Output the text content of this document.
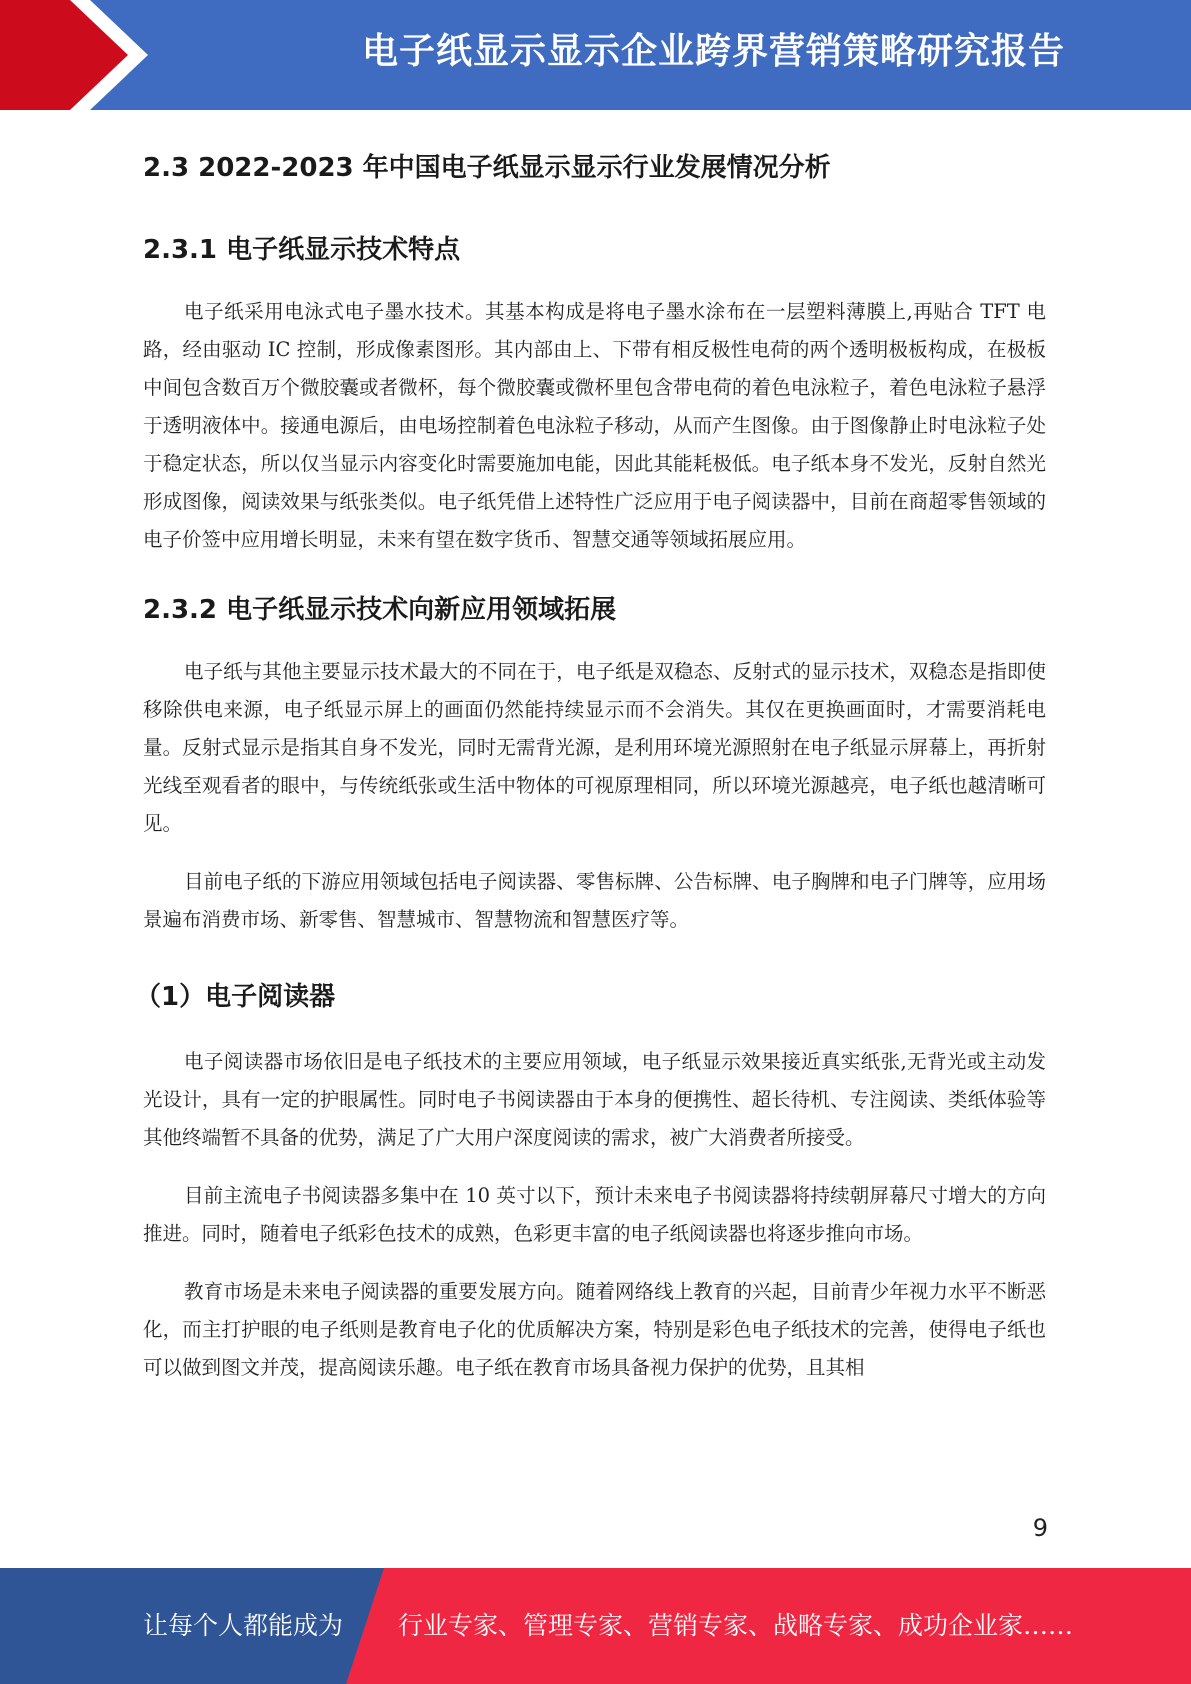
电子纸显示显示企业跨界营销策略研究报告
2.3 2022-2023 年中国电子纸显示显示行业发展情况分析
2.3.1 电子纸显示技术特点

电子纸采用电泳式电子墨水技术。其基本构成是将电子墨水涂布在一层塑料薄膜上,再贴合 TFT 电路，经由驱动 IC 控制，形成像素图形。其内部由上、下带有相反极性电荷的两个透明极板构成，在极板中间包含数百万个微胶囊或者微杯，每个微胶囊或微杯里包含带电荷的着色电泳粒子，着色电泳粒子悬浮于透明液体中。接通电源后，由电场控制着色电泳粒子移动，从而产生图像。由于图像静止时电泳粒子处于稳定状态，所以仅当显示内容变化时需要施加电能，因此其能耗极低。电子纸本身不发光，反射自然光形成图像，阅读效果与纸张类似。电子纸凭借上述特性广泛应用于电子阅读器中，目前在商超零售领域的电子价签中应用增长明显，未来有望在数字货币、智慧交通等领域拓展应用。

2.3.2 电子纸显示技术向新应用领域拓展

电子纸与其他主要显示技术最大的不同在于，电子纸是双稳态、反射式的显示技术，双稳态是指即使移除供电来源，电子纸显示屏上的画面仍然能持续显示而不会消失。其仅在更换画面时，才需要消耗电量。反射式显示是指其自身不发光，同时无需背光源，是利用环境光源照射在电子纸显示屏幕上，再折射光线至观看者的眼中，与传统纸张或生活中物体的可视原理相同，所以环境光源越亮，电子纸也越清晰可见。

目前电子纸的下游应用领域包括电子阅读器、零售标牌、公告标牌、电子胸牌和电子门牌等，应用场景遍布消费市场、新零售、智慧城市、智慧物流和智慧医疗等。

（1）电子阅读器

电子阅读器市场依旧是电子纸技术的主要应用领域，电子纸显示效果接近真实纸张,无背光或主动发光设计，具有一定的护眼属性。同时电子书阅读器由于本身的便携性、超长待机、专注阅读、类纸体验等其他终端暂不具备的优势，满足了广大用户深度阅读的需求，被广大消费者所接受。

目前主流电子书阅读器多集中在 10 英寸以下，预计未来电子书阅读器将持续朝屏幕尺寸增大的方向推进。同时，随着电子纸彩色技术的成熟，色彩更丰富的电子纸阅读器也将逐步推向市场。

教育市场是未来电子阅读器的重要发展方向。随着网络线上教育的兴起，目前青少年视力水平不断恶化，而主打护眼的电子纸则是教育电子化的优质解决方案，特别是彩色电子纸技术的完善，使得电子纸也可以做到图文并茂，提高阅读乐趣。电子纸在教育市场具备视力保护的优势，且其相

9
让每个人都能成为 行业专家、管理专家、营销专家、战略专家、成功企业家……
